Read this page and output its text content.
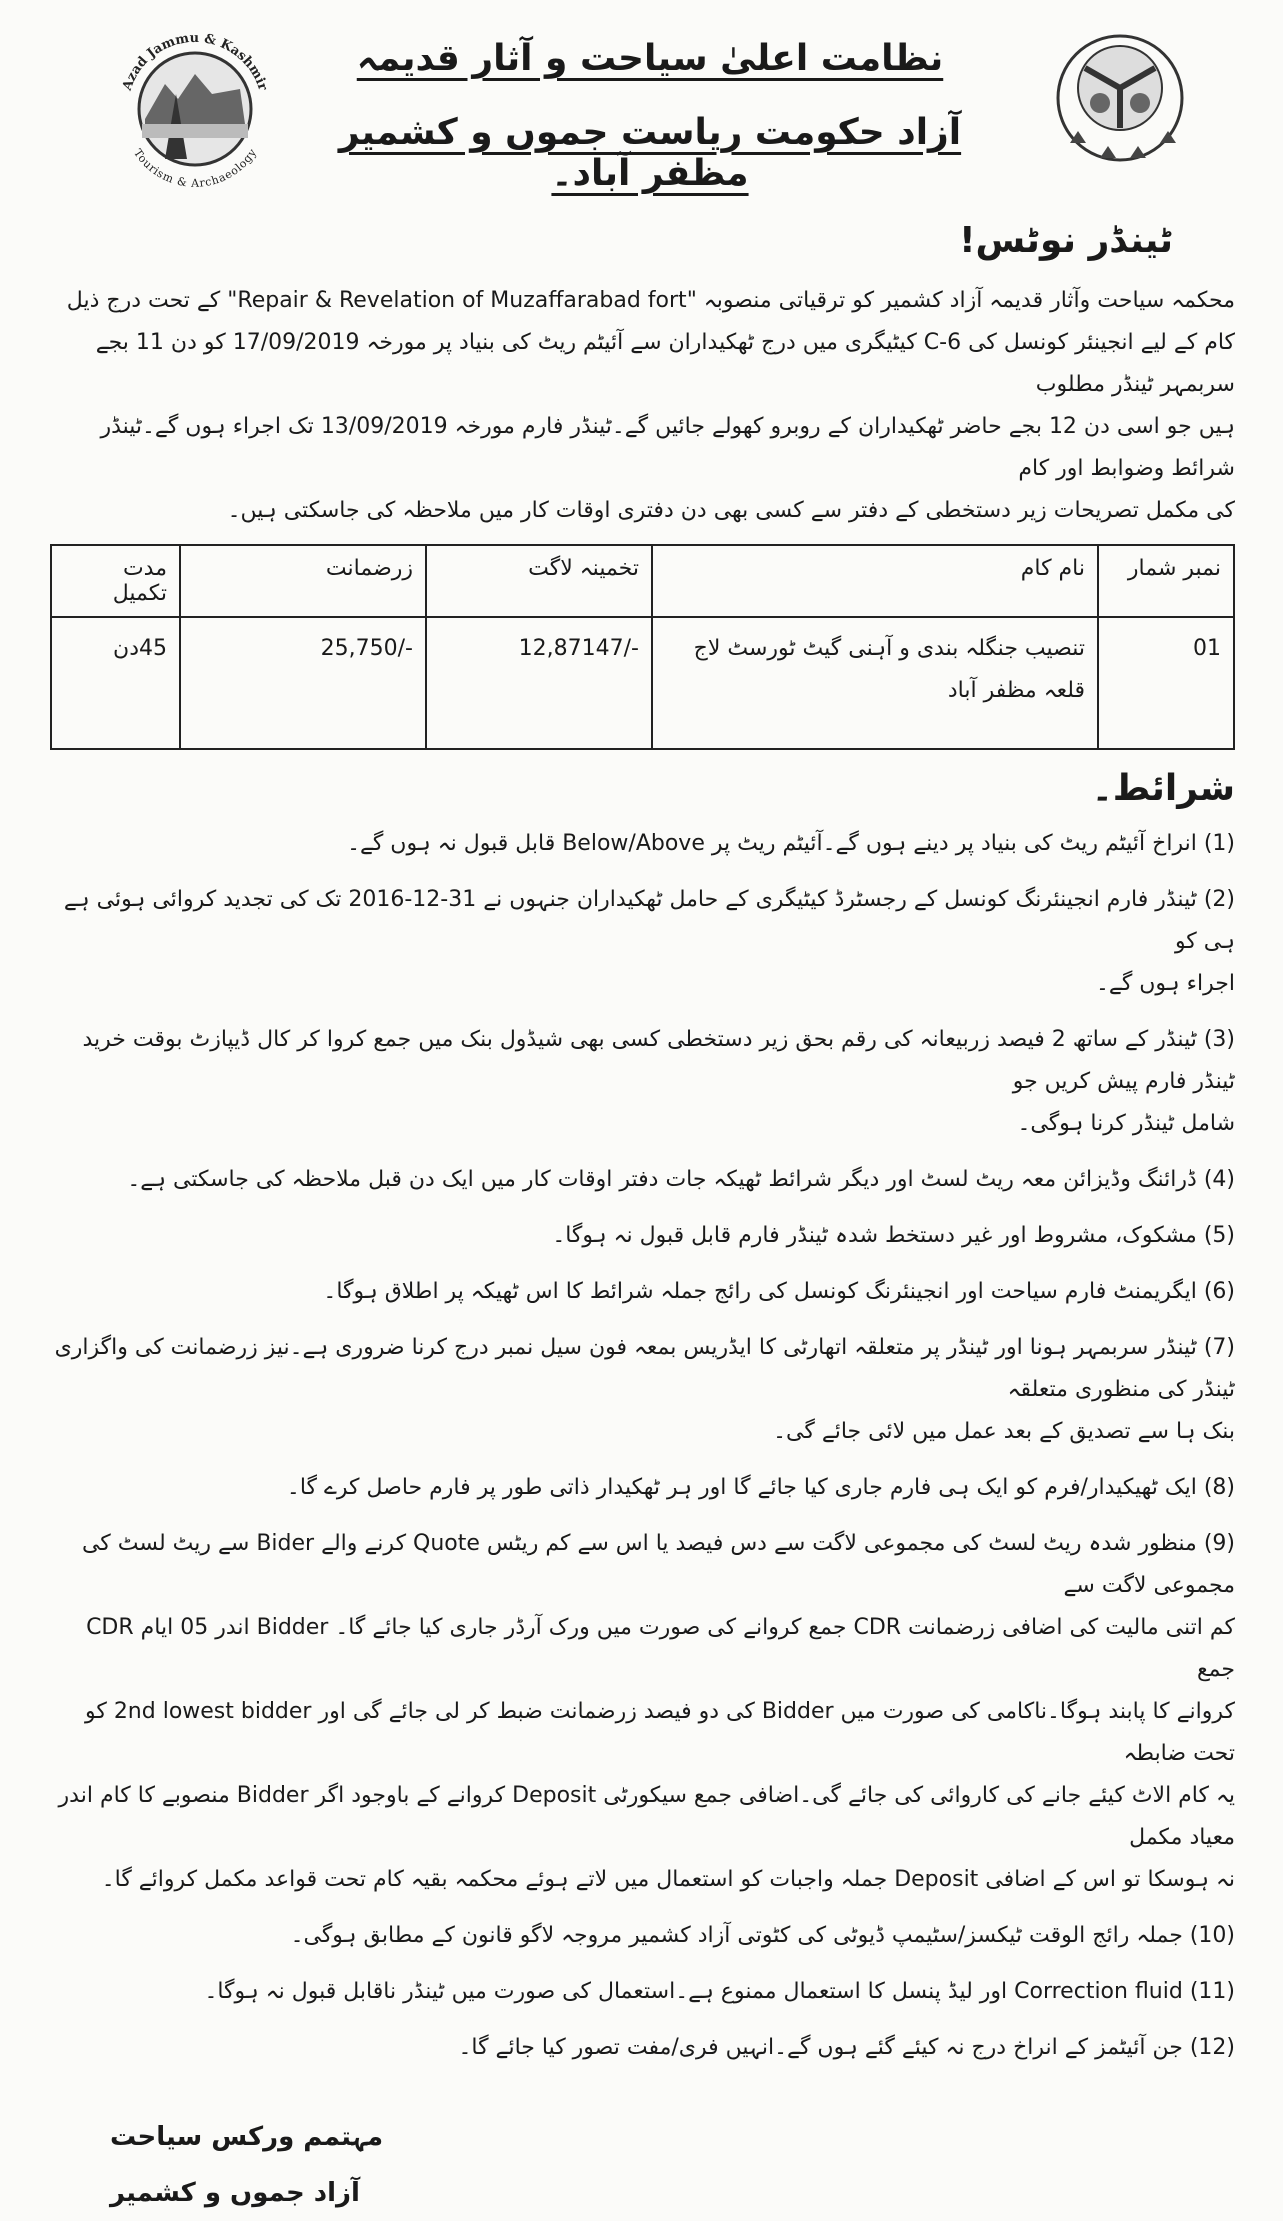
Azad Jammu & Kashmir
Tourism & Archaeology
نظامت اعلیٰ سیاحت و آثار قدیمہ
آزاد حکومت ریاست جموں و کشمیر مظفر آباد۔
ٹینڈر نوٹس!
محکمہ سیاحت وآثار قدیمہ آزاد کشمیر کو ترقیاتی منصوبہ "Repair & Revelation of Muzaffarabad fort" کے تحت درج ذیل
کام کے لیے انجینئر کونسل کی C-6 کیٹیگری میں درج ٹھکیداران سے آئیٹم ریٹ کی بنیاد پر مورخہ 17/09/2019 کو دن 11 بجے سربمہر ٹینڈر مطلوب
ہیں جو اسی دن 12 بجے حاضر ٹھکیداران کے روبرو کھولے جائیں گے۔ٹینڈر فارم مورخہ 13/09/2019 تک اجراء ہوں گے۔ٹینڈر شرائط وضوابط اور کام
کی مکمل تصریحات زیر دستخطی کے دفتر سے کسی بھی دن دفتری اوقات کار میں ملاحظہ کی جاسکتی ہیں۔
نمبر شمار	نام کام	تخمینہ لاگت	زرضمانت	مدت تکمیل
01	تنصیب جنگلہ بندی و آہنی گیٹ ٹورسٹ لاج قلعہ مظفر آباد	12,87147/-	25,750/-	45دن
شرائط۔
(1) انراخ آئیٹم ریٹ کی بنیاد پر دینے ہوں گے۔آئیٹم ریٹ پر Below/Above قابل قبول نہ ہوں گے۔
(2) ٹینڈر فارم انجینئرنگ کونسل کے رجسٹرڈ کیٹیگری کے حامل ٹھکیداران جنہوں نے 31-12-2016 تک کی تجدید کروائی ہوئی ہے ہی کو
اجراء ہوں گے۔
(3) ٹینڈر کے ساتھ 2 فیصد زربیعانہ کی رقم بحق زیر دستخطی کسی بھی شیڈول بنک میں جمع کروا کر کال ڈیپازٹ بوقت خرید ٹینڈر فارم پیش کریں جو
شامل ٹینڈر کرنا ہوگی۔
(4) ڈرائنگ وڈیزائن معہ ریٹ لسٹ اور دیگر شرائط ٹھیکہ جات دفتر اوقات کار میں ایک دن قبل ملاحظہ کی جاسکتی ہے۔
(5) مشکوک، مشروط اور غیر دستخط شدہ ٹینڈر فارم قابل قبول نہ ہوگا۔
(6) ایگریمنٹ فارم سیاحت اور انجینئرنگ کونسل کی رائج جملہ شرائط کا اس ٹھیکہ پر اطلاق ہوگا۔
(7) ٹینڈر سربمہر ہونا اور ٹینڈر پر متعلقہ اتھارٹی کا ایڈریس بمعہ فون سیل نمبر درج کرنا ضروری ہے۔نیز زرضمانت کی واگزاری ٹینڈر کی منظوری متعلقہ
بنک ہا سے تصدیق کے بعد عمل میں لائی جائے گی۔
(8) ایک ٹھیکیدار/فرم کو ایک ہی فارم جاری کیا جائے گا اور ہر ٹھکیدار ذاتی طور پر فارم حاصل کرے گا۔
(9) منظور شدہ ریٹ لسٹ کی مجموعی لاگت سے دس فیصد یا اس سے کم ریٹس Quote کرنے والے Bider سے ریٹ لسٹ کی مجموعی لاگت سے
کم اتنی مالیت کی اضافی زرضمانت CDR جمع کروانے کی صورت میں ورک آرڈر جاری کیا جائے گا۔ Bidder اندر 05 ایام CDR جمع
کروانے کا پابند ہوگا۔ناکامی کی صورت میں Bidder کی دو فیصد زرضمانت ضبط کر لی جائے گی اور 2nd lowest bidder کو تحت ضابطہ
یہ کام الاٹ کیئے جانے کی کاروائی کی جائے گی۔اضافی جمع سیکورٹی Deposit کروانے کے باوجود اگر Bidder منصوبے کا کام اندر معیاد مکمل
نہ ہوسکا تو اس کے اضافی Deposit جملہ واجبات کو استعمال میں لاتے ہوئے محکمہ بقیہ کام تحت قواعد مکمل کروائے گا۔
(10) جملہ رائج الوقت ٹیکسز/سٹیمپ ڈیوٹی کی کٹوتی آزاد کشمیر مروجہ لاگو قانون کے مطابق ہوگی۔
(11) Correction fluid اور لیڈ پنسل کا استعمال ممنوع ہے۔استعمال کی صورت میں ٹینڈر ناقابل قبول نہ ہوگا۔
(12) جن آئیٹمز کے انراخ درج نہ کیئے گئے ہوں گے۔انہیں فری/مفت تصور کیا جائے گا۔
مہتمم ورکس سیاحت
آزاد جموں و کشمیر
